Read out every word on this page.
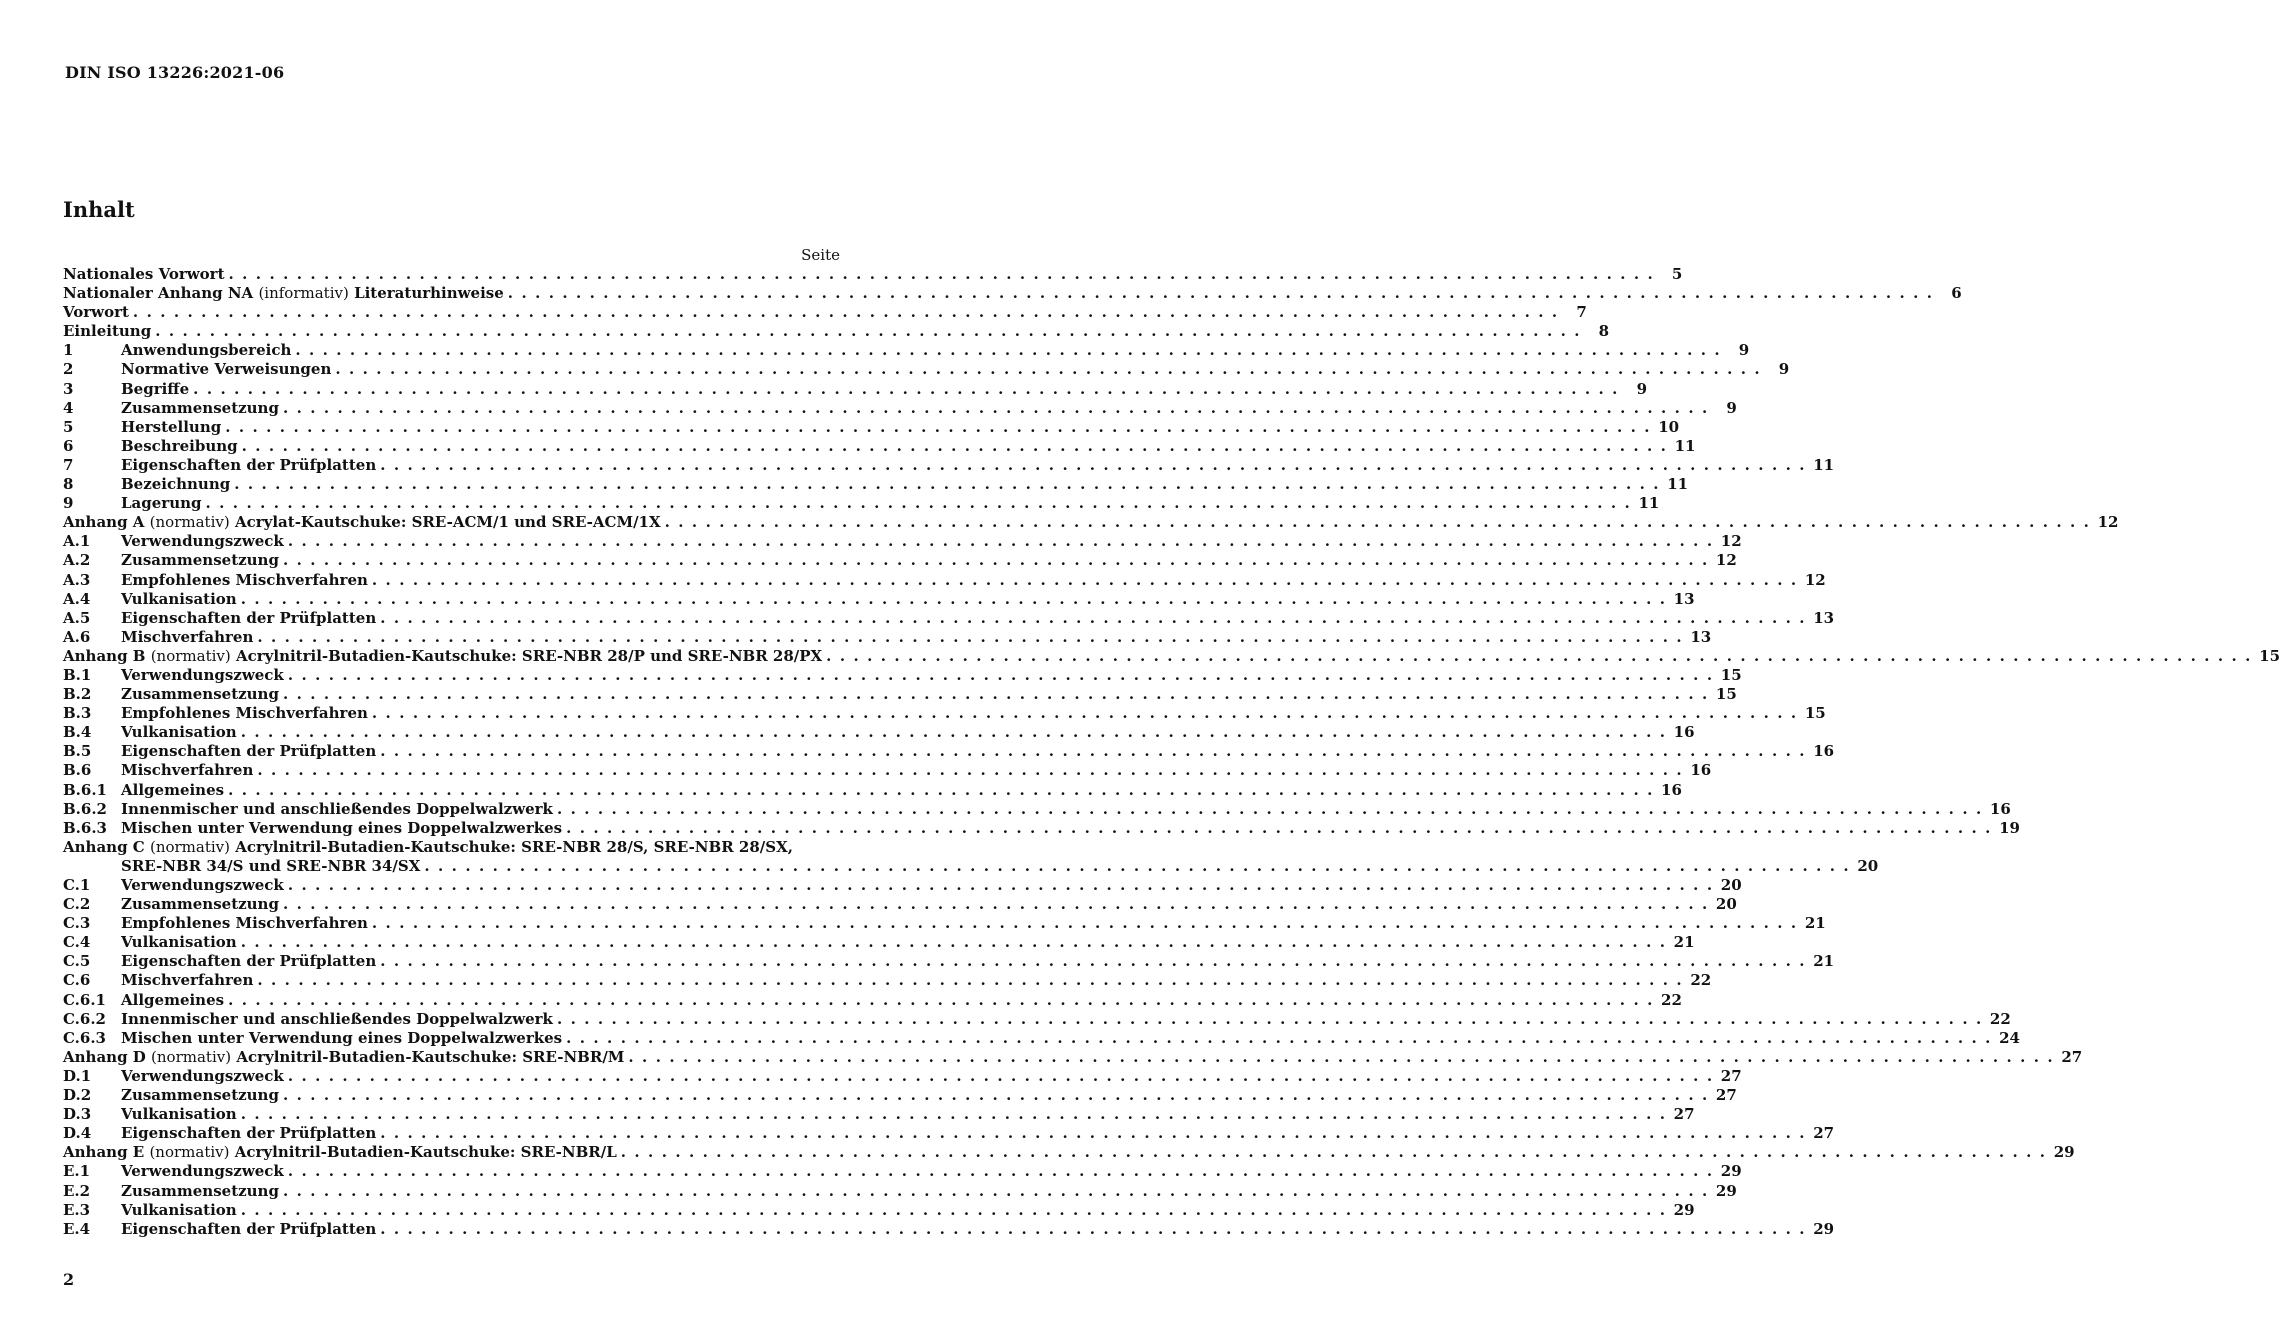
DIN ISO 13226:2021-06
Inhalt
Seite
Nationales Vorwort . . .	5
Nationaler Anhang NA (informativ) Literaturhinweise . . .	6
Vorwort . . .	7
Einleitung . . .	8
1	Anwendungsbereich . . .	9
2	Normative Verweisungen . . .	9
3	Begriffe . . .	9
4	Zusammensetzung . . .	9
5	Herstellung . . .	10
6	Beschreibung . . .	11
7	Eigenschaften der Prüfplatten . . .	11
8	Bezeichnung . . .	11
9	Lagerung . . .	11
Anhang A (normativ) Acrylat-Kautschuke: SRE-ACM/1 und SRE-ACM/1X . . .	12
A.1	Verwendungszweck . . .	12
A.2	Zusammensetzung . . .	12
A.3	Empfohlenes Mischverfahren . . .	12
A.4	Vulkanisation . . .	13
A.5	Eigenschaften der Prüfplatten . . .	13
A.6	Mischverfahren . . .	13
Anhang B (normativ) Acrylnitril-Butadien-Kautschuke: SRE-NBR 28/P und SRE-NBR 28/PX . . .	15
B.1	Verwendungszweck . . .	15
B.2	Zusammensetzung . . .	15
B.3	Empfohlenes Mischverfahren . . .	15
B.4	Vulkanisation . . .	16
B.5	Eigenschaften der Prüfplatten . . .	16
B.6	Mischverfahren . . .	16
B.6.1 Allgemeines . . .	16
B.6.2 Innenmischer und anschließendes Doppelwalzwerk . . .	16
B.6.3 Mischen unter Verwendung eines Doppelwalzwerkes . . .	19
Anhang C (normativ) Acrylnitril-Butadien-Kautschuke: SRE-NBR 28/S, SRE-NBR 28/SX,
SRE-NBR 34/S und SRE-NBR 34/SX . . .	20
C.1	Verwendungszweck . . .	20
C.2	Zusammensetzung . . .	20
C.3	Empfohlenes Mischverfahren . . .	21
C.4	Vulkanisation . . .	21
C.5	Eigenschaften der Prüfplatten . . .	21
C.6	Mischverfahren . . .	22
C.6.1	Allgemeines . . .	22
C.6.2	Innenmischer und anschließendes Doppelwalzwerk . . .	22
C.6.3	Mischen unter Verwendung eines Doppelwalzwerkes . . .	24
Anhang D (normativ) Acrylnitril-Butadien-Kautschuke: SRE-NBR/M . . .	27
D.1	Verwendungszweck . . .	27
D.2	Zusammensetzung . . .	27
D.3	Vulkanisation . . .	27
D.4	Eigenschaften der Prüfplatten . . .	27
Anhang E (normativ) Acrylnitril-Butadien-Kautschuke: SRE-NBR/L . . .	29
E.1	Verwendungszweck . . .	29
E.2	Zusammensetzung . . .	29
E.3	Vulkanisation . . .	29
E.4	Eigenschaften der Prüfplatten . . .	29
2
